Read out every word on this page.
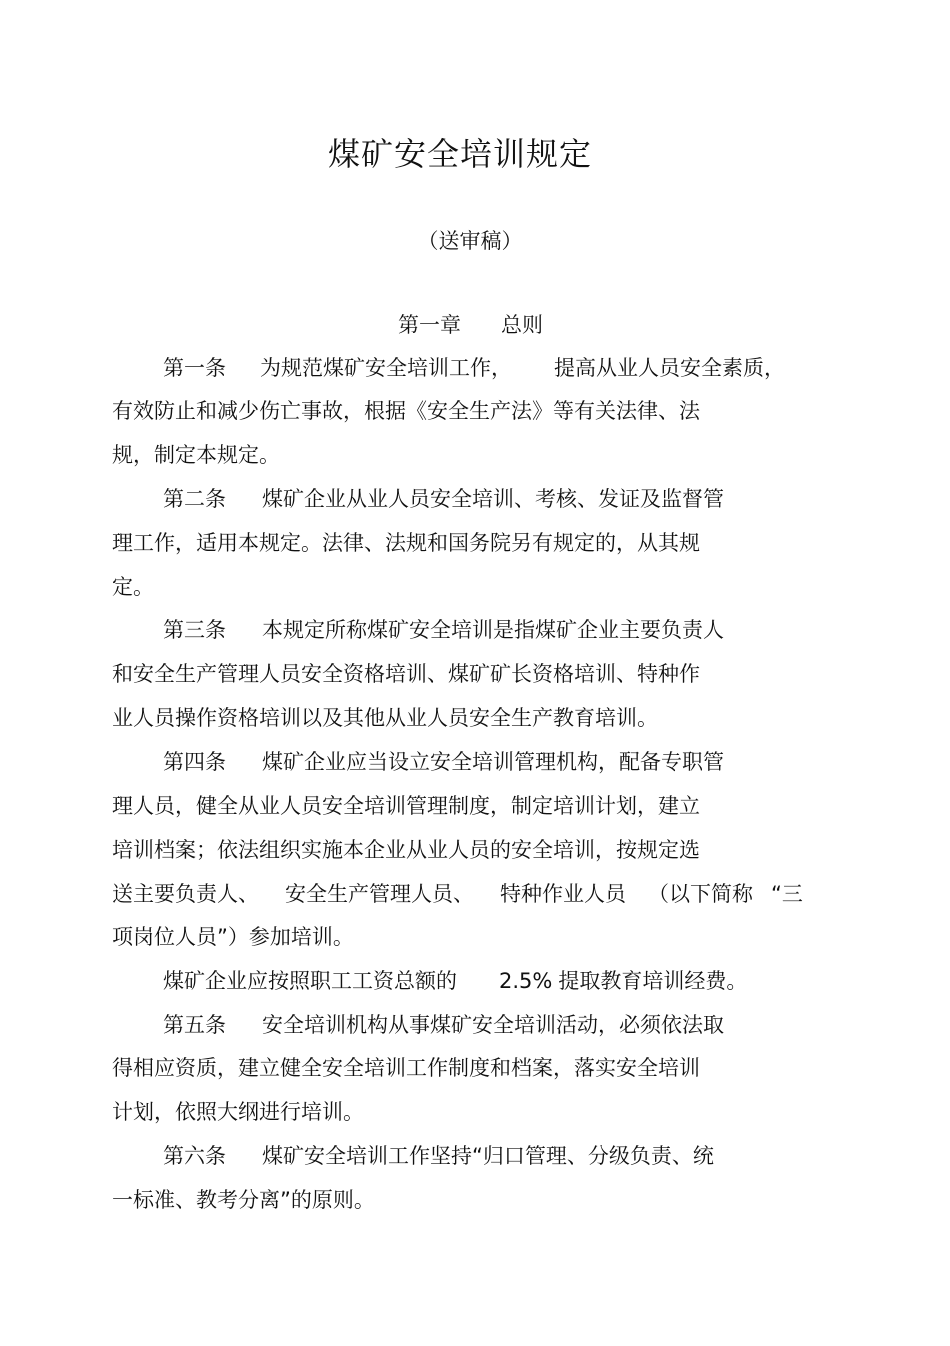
煤矿安全培训规定
（送审稿）
第一章 总则
第一条 为规范煤矿安全培训工作， 提高从业人员安全素质，
有效防止和减少伤亡事故，根据《安全生产法》等有关法律、法
规，制定本规定。
第二条 煤矿企业从业人员安全培训、考核、发证及监督管
理工作，适用本规定。法律、法规和国务院另有规定的，从其规
定。
第三条 本规定所称煤矿安全培训是指煤矿企业主要负责人
和安全生产管理人员安全资格培训、煤矿矿长资格培训、特种作
业人员操作资格培训以及其他从业人员安全生产教育培训。
第四条 煤矿企业应当设立安全培训管理机构，配备专职管
理人员，健全从业人员安全培训管理制度，制定培训计划，建立
培训档案；依法组织实施本企业从业人员的安全培训，按规定选
送主要负责人、 安全生产管理人员、 特种作业人员 （以下简称 “三
项岗位人员”）参加培训。
煤矿企业应按照职工工资总额的 2.5% 提取教育培训经费。
第五条 安全培训机构从事煤矿安全培训活动，必须依法取
得相应资质，建立健全安全培训工作制度和档案，落实安全培训
计划，依照大纲进行培训。
第六条 煤矿安全培训工作坚持“归口管理、分级负责、统
一标准、教考分离”的原则。
